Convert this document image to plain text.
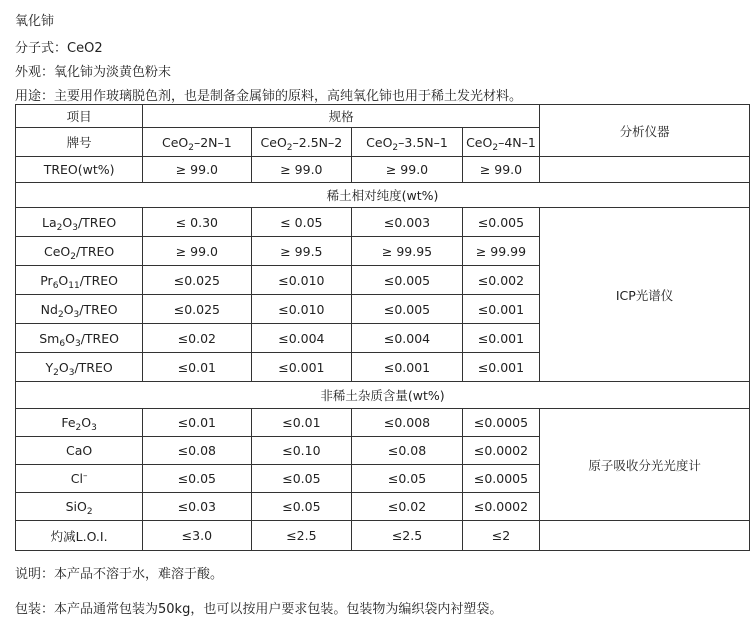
氧化铈
分子式：CeO2
外观：氧化铈为淡黄色粉末
用途：主要用作玻璃脱色剂，也是制备金属铈的原料，高纯氧化铈也用于稀土发光材料。
项目	规格				分析仪器
牌号	CeO$_2$–2N–1	CeO$_2$–2.5N–2	CeO$_2$–3.5N–1	CeO$_2$–4N–1	
TREO(wt%)	≥ 99.0	≥ 99.0	≥ 99.0	≥ 99.0	
稀土相对纯度(wt%)					
$La_2O_3$/TREO	≤ 0.30	≤ 0.05	≤0.003	≤0.005	ICP光谱仪
CeO$_2$/TREO	≥ 99.0	≥ 99.5	≥ 99.95	≥ 99.99	
$Pr_6O_{11}$/TREO	≤0.025	≤0.010	≤0.005	≤0.002	
$Nd_2O_3$/TREO	≤0.025	≤0.010	≤0.005	≤0.001	
$Sm_6O_3$/TREO	≤0.02	≤0.004	≤0.004	≤0.001	
$Y_2O_3$/TREO	≤0.01	≤0.001	≤0.001	≤0.001	
非稀土杂质含量(wt%)					
$Fe_2O_3$	≤0.01	≤0.01	≤0.008	≤0.0005	原子吸收分光光度计
CaO	≤0.08	≤0.10	≤0.08	≤0.0002	
Cl–	≤0.05	≤0.05	≤0.05	≤0.0005	
SiO$_2$	≤0.03	≤0.05	≤0.02	≤0.0002	
灼减L.O.I.	≤3.0	≤2.5	≤2.5	≤2	
说明：本产品不溶于水，难溶于酸。
包装：本产品通常包装为50kg，也可以按用户要求包装。包装物为编织袋内衬塑袋。
